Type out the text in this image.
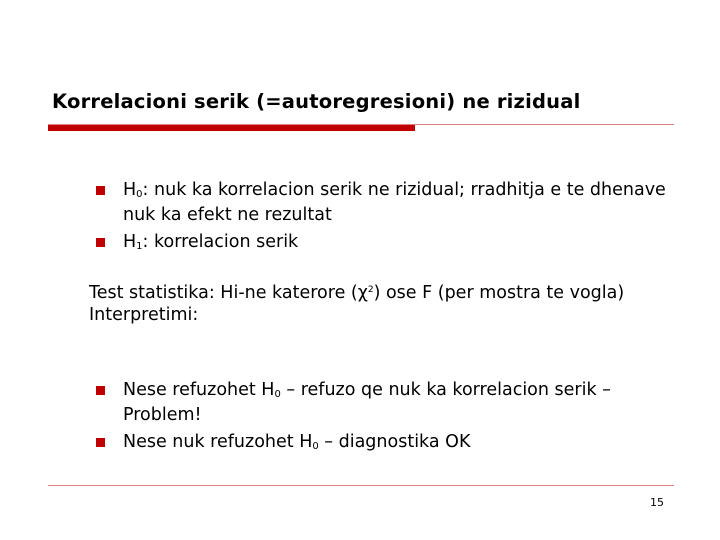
Korrelacioni serik (=autoregresioni) ne rizidual
$H_0$: nuk ka korrelacion serik ne rizidual; rradhitja e te dhenave nuk ka efekt ne rezultat
$H_1$: korrelacion serik
Test statistika: Hi-ne katerore $(\chi^2)$ ose F (per mostra te vogla)
Interpretimi:
Nese refuzohet $H_0$ – refuzo qe nuk ka korrelacion serik – Problem!
Nese nuk refuzohet $H_0$ – diagnostika OK
15
